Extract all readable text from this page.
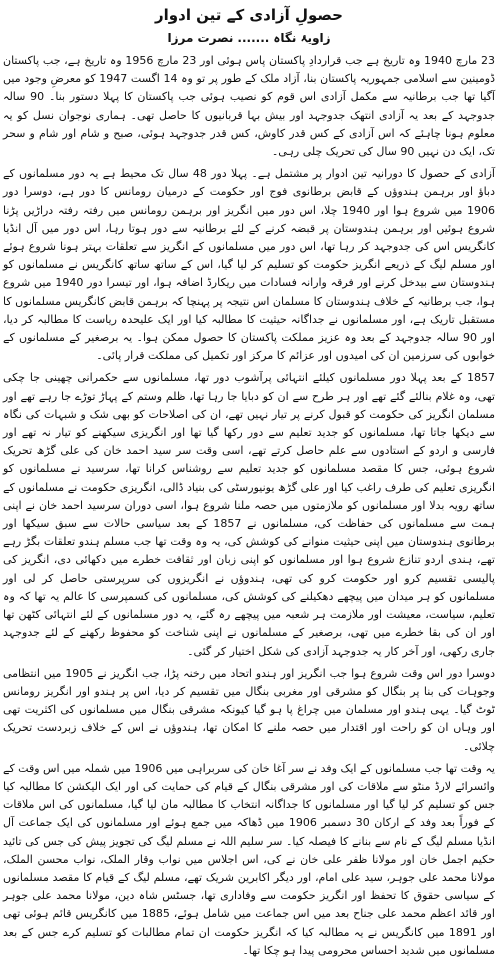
حصولِ آزادی کے تین ادوار
زاویۂ نگاہ.......نصرت مرزا

23 مارچ 1940 وہ تاریخ ہے جب قراردادِ پاکستان پاس ہوئی اور 23 مارچ 1956 وہ تاریخ ہے، جب پاکستان ڈومینین سے اسلامی جمہوریہ پاکستان بنا، آزاد ملک کے طور پر تو وہ 14 اگست 1947 کو معرضِ وجود میں آگیا تھا جب برطانیہ سے مکمل آزادی اس قوم کو نصیب ہوئی جب پاکستان کا پہلا دستور بنا۔ 90 سالہ جدوجہد کے بعد یہ آزادی انتھک جدوجہد اور بیش بہا قربانیوں کا حاصل تھی۔ ہماری نوجوان نسل کو یہ معلوم ہونا چاہئے کہ اس آزادی کے کس قدر کاوش، کس قدر جدوجہد ہوئی، صبح و شام اور شام و سحر تک، ایک دن نہیں 90 سال کی تحریک چلی رہی۔

آزادی کے حصول کا دورانیہ تین ادوار پر مشتمل ہے۔ پہلا دور 48 سال تک محیط ہے یہ دور مسلمانوں کے دباؤ اور برہمن ہندوؤں کے قابض برطانوی فوج اور حکومت کے درمیان رومانس کا دور ہے، دوسرا دور 1906 میں شروع ہوا اور 1940 چلا، اس دور میں انگریز اور برہمن رومانس میں رفتہ رفتہ دراڑیں پڑنا شروع ہوئیں اور برہمن ہندوستان پر قبضہ کرنے کے لئے برطانیہ سے دور ہوتا رہا، اس دور میں آل انڈیا کانگریس اس کی جدوجہد کر رہا تھا، اس دور میں مسلمانوں کے انگریز سے تعلقات بہتر ہونا شروع ہوئے اور مسلم لیگ کے ذریعے انگریز حکومت کو تسلیم کر لیا گیا، اس کے ساتھ ساتھ کانگریس نے مسلمانوں کو ہندوستان سے بیدخل کرنے اور فرقہ وارانہ فسادات میں ریکارڈ اضافہ ہوا، اور تیسرا دور 1940 میں شروع ہوا، جب برطانیہ کے خلاف ہندوستان کا مسلمان اس نتیجہ پر پہنچا کہ برہمن قابض کانگریس مسلمانوں کا مستقبل تاریک ہے، اور مسلمانوں نے جداگانہ حیثیت کا مطالبہ کیا اور ایک علیحدہ ریاست کا مطالبہ کر دیا، اور 90 سالہ جدوجہد کے بعد وہ عزیز مملکت پاکستان کا حصول ممکن ہوا۔ یہ برصغیر کے مسلمانوں کے خوابوں کی سرزمین ان کی امیدوں اور عزائم کا مرکز اور تکمیل کی مملکت قرار پائی۔

1857 کے بعد پہلا دور مسلمانوں کیلئے انتہائی پرآشوب دور تھا، مسلمانوں سے حکمرانی چھینی جا چکی تھی، وہ غلام بنالئے گئے تھے اور ہر طرح سے ان کو دبایا جا رہا تھا، ظلم وستم کے پہاڑ توڑے جا رہے تھے اور مسلمان انگریز کی حکومت کو قبول کرنے پر تیار نہیں تھے، ان کی اصلاحات کو بھی شک و شبہات کی نگاہ سے دیکھا جاتا تھا، مسلمانوں کو جدید تعلیم سے دور رکھا گیا تھا اور انگریزی سیکھنے کو تیار نہ تھے اور فارسی و اردو کے استادوں سے علم حاصل کرتے تھے، اسی وقت سر سید احمد خان کی علی گڑھ تحریک شروع ہوئی، جس کا مقصد مسلمانوں کو جدید تعلیم سے روشناس کرانا تھا، سرسید نے مسلمانوں کو انگریزی تعلیم کی طرف راغب کیا اور علی گڑھ یونیورسٹی کی بنیاد ڈالی، انگریزی حکومت نے مسلمانوں کے ساتھ رویہ بدلا اور مسلمانوں کو ملازمتوں میں حصہ ملنا شروع ہوا، اسی دوران سرسید احمد خان نے اپنی ہمت سے مسلمانوں کی حفاظت کی، مسلمانوں نے 1857 کے بعد سیاسی حالات سے سبق سیکھا اور برطانوی ہندوستان میں اپنی حیثیت منوانے کی کوشش کی، یہ وہ وقت تھا جب مسلم ہندو تعلقات بگڑ رہے تھے، ہندی اردو تنازع شروع ہوا اور مسلمانوں کو اپنی زبان اور ثقافت خطرے میں دکھائی دی، انگریز کی پالیسی تقسیم کرو اور حکومت کرو کی تھی، ہندوؤں نے انگریزوں کی سرپرستی حاصل کر لی اور مسلمانوں کو ہر میدان میں پیچھے دھکیلنے کی کوشش کی، مسلمانوں کی کسمپرسی کا عالم یہ تھا کہ وہ تعلیم، سیاست، معیشت اور ملازمت ہر شعبہ میں پیچھے رہ گئے، یہ دور مسلمانوں کے لئے انتہائی کٹھن تھا اور ان کی بقا خطرے میں تھی، برصغیر کے مسلمانوں نے اپنی شناخت کو محفوظ رکھنے کے لئے جدوجہد جاری رکھی، اور آخر کار یہ جدوجہد آزادی کی شکل اختیار کر گئی۔

دوسرا دور اس وقت شروع ہوا جب انگریز اور ہندو اتحاد میں رخنہ پڑا، جب انگریز نے 1905 میں انتظامی وجوہات کی بنا پر بنگال کو مشرقی اور مغربی بنگال میں تقسیم کر دیا، اس پر ہندو اور انگریز رومانس ٹوٹ گیا۔ یہی ہندو اور مسلمان میں چراغ پا ہو گیا کیونکہ مشرقی بنگال میں مسلمانوں کی اکثریت تھی اور وہاں ان کو راحت اور اقتدار میں حصہ ملنے کا امکان تھا، ہندوؤں نے اس کے خلاف زبردست تحریک چلائی۔

یہ وقت تھا جب مسلمانوں کے ایک وفد نے سر آغا خان کی سربراہی میں 1906 میں شملہ میں اس وقت کے وائسرائے لارڈ منٹو سے ملاقات کی اور مشرقی بنگال کے قیام کی حمایت کی اور ایک الیکشن کا مطالبہ کیا جس کو تسلیم کر لیا گیا اور مسلمانوں کا جداگانہ انتخاب کا مطالبہ مان لیا گیا، مسلمانوں کی اس ملاقات کے فوراً بعد وفد کے ارکان 30 دسمبر 1906 میں ڈھاکہ میں جمع ہوئے اور مسلمانوں کی ایک جماعت آل انڈیا مسلم لیگ کے نام سے بنانے کا فیصلہ کیا۔ سر سلیم اللہ نے مسلم لیگ کی تجویز پیش کی جس کی تائید حکیم اجمل خان اور مولانا ظفر علی خان نے کی، اس اجلاس میں نواب وقار الملک، نواب محسن الملک، مولانا محمد علی جوہر، سید علی امام، اور دیگر اکابرین شریک تھے، مسلم لیگ کے قیام کا مقصد مسلمانوں کے سیاسی حقوق کا تحفظ اور انگریز حکومت سے وفاداری تھا، جسٹس شاہ دین، مولانا محمد علی جوہر اور قائد اعظم محمد علی جناح بعد میں اس جماعت میں شامل ہوئے، 1885 میں کانگریس قائم ہوئی تھی اور 1891 میں کانگریس نے یہ مطالبہ کیا کہ انگریز حکومت ان تمام مطالبات کو تسلیم کرے جس کے بعد مسلمانوں میں شدید احساس محرومی پیدا ہو چکا تھا۔
